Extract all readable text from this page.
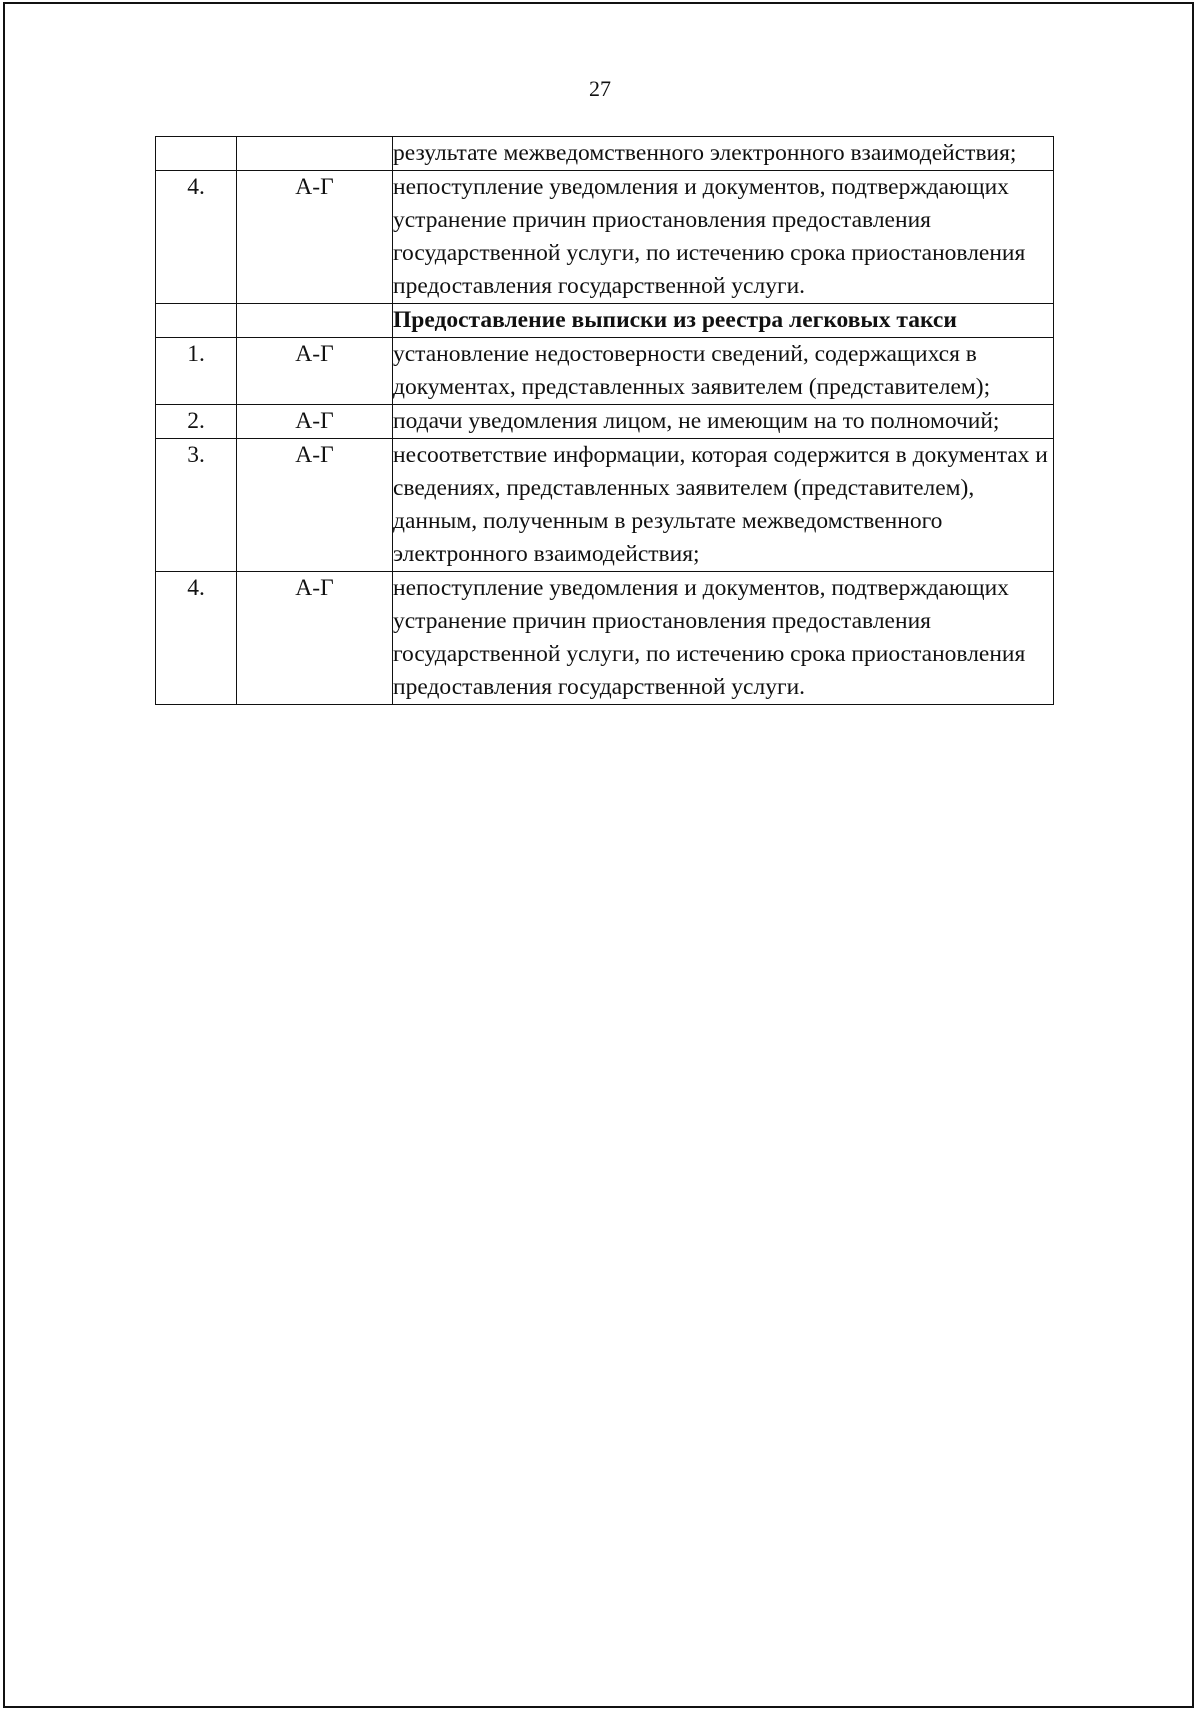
27
		результате межведомственного электронного взаимодействия;
4.	А-Г	непоступление уведомления и документов, подтверждающих устранение причин приостановления предоставления государственной услуги, по истечению срока приостановления предоставления государственной услуги.
		Предоставление выписки из реестра легковых такси
1.	А-Г	установление недостоверности сведений, содержащихся в документах, представленных заявителем (представителем);
2.	А-Г	подачи уведомления лицом, не имеющим на то полномочий;
3.	А-Г	несоответствие информации, которая содержится в документах и сведениях, представленных заявителем (представителем), данным, полученным в результате межведомственного электронного взаимодействия;
4.	А-Г	непоступление уведомления и документов, подтверждающих устранение причин приостановления предоставления государственной услуги, по истечению срока приостановления предоставления государственной услуги.
